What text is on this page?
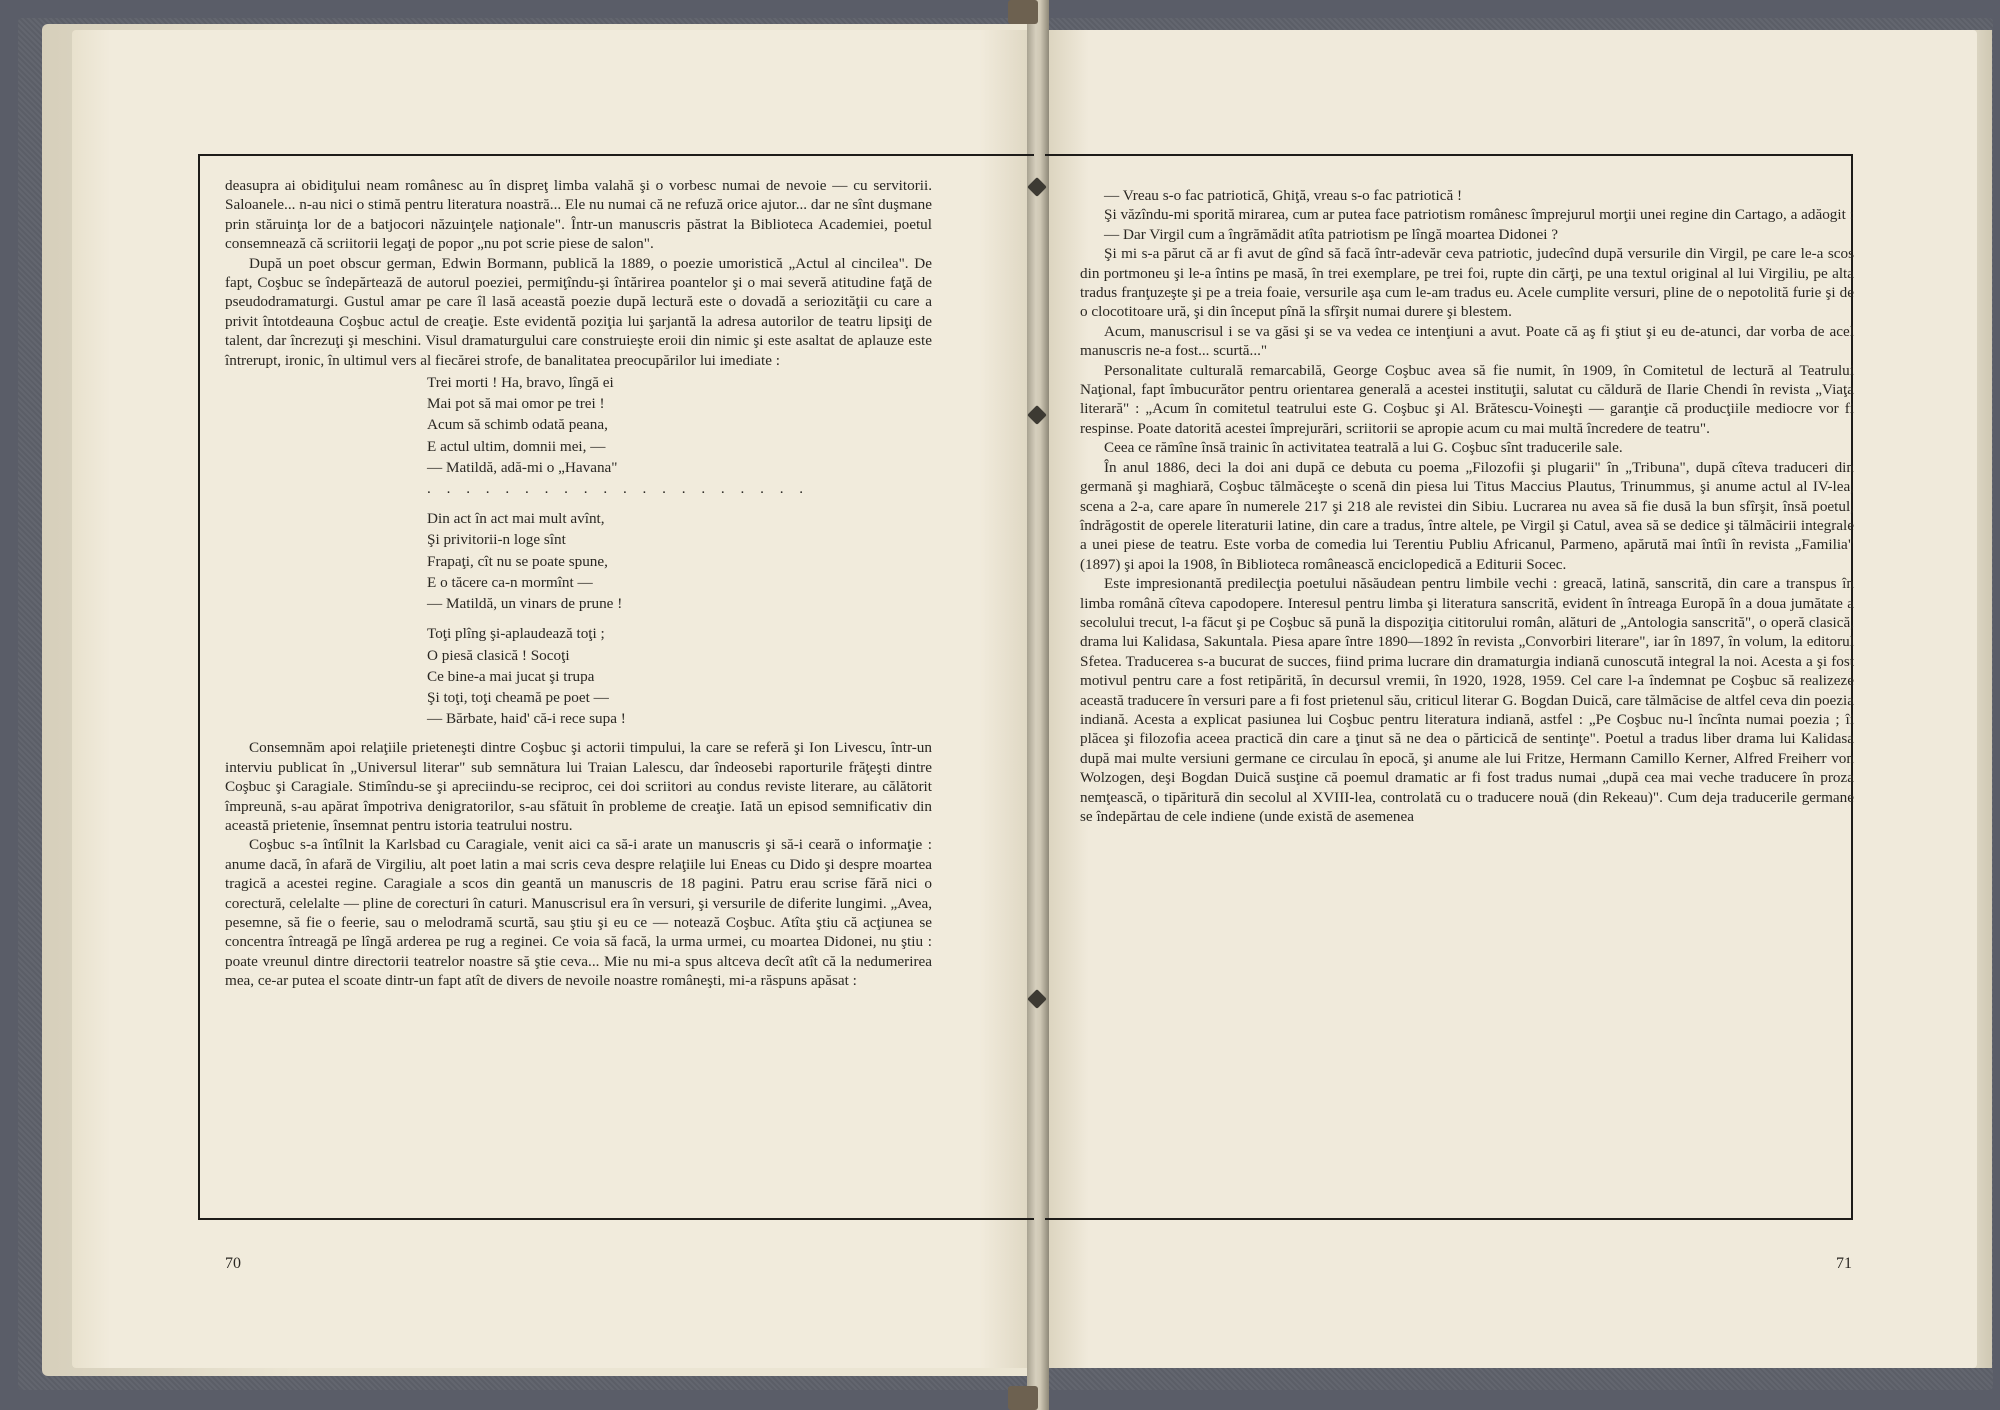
deasupra ai obidiţului neam românesc au în dispreţ limba valahă şi o vorbesc numai de nevoie — cu servitorii. Saloanele... n-au nici o stimă pentru literatura noastră... Ele nu numai că ne refuză orice ajutor... dar ne sînt duşmane prin stăruinţa lor de a batjocori năzuinţele naţionale". Într-un manuscris păstrat la Biblioteca Academiei, poetul consemnează că scriitorii legaţi de popor „nu pot scrie piese de salon".

După un poet obscur german, Edwin Bormann, publică la 1889, o poezie umoristică „Actul al cincilea". De fapt, Coşbuc se îndepărtează de autorul poeziei, permiţîndu-şi întărirea poantelor şi o mai severă atitudine faţă de pseudodramaturgi. Gustul amar pe care îl lasă această poezie după lectură este o dovadă a seriozităţii cu care a privit întotdeauna Coşbuc actul de creaţie. Este evidentă poziţia lui şarjantă la adresa autorilor de teatru lipsiţi de talent, dar încrezuţi şi meschini. Visul dramaturgului care construieşte eroii din nimic şi este asaltat de aplauze este întrerupt, ironic, în ultimul vers al fiecărei strofe, de banalitatea preocupărilor lui imediate :

Trei morti ! Ha, bravo, lîngă ei
Mai pot să mai omor pe trei !
Acum să schimb odată peana,
E actul ultim, domnii mei, —
— Matildă, adă-mi o „Havana"
. . . . . . . . . . . . . . . . . . . .
Din act în act mai mult avînt,
Şi privitorii-n loge sînt
Frapaţi, cît nu se poate spune,
E o tăcere ca-n mormînt —
— Matildă, un vinars de prune !
Toţi plîng şi-aplaudează toţi ;
O piesă clasică ! Socoţi
Ce bine-a mai jucat şi trupa
Şi toţi, toţi cheamă pe poet —
— Bărbate, haid' că-i rece supa !

Consemnăm apoi relaţiile prieteneşti dintre Coşbuc şi actorii timpului, la care se referă şi Ion Livescu, într-un interviu publicat în „Universul literar" sub semnătura lui Traian Lalescu, dar îndeosebi raporturile frăţeşti dintre Coşbuc şi Caragiale. Stimîndu-se şi apreciindu-se reciproc, cei doi scriitori au condus reviste literare, au călătorit împreună, s-au apărat împotriva denigratorilor, s-au sfătuit în probleme de creaţie. Iată un episod semnificativ din această prietenie, însemnat pentru istoria teatrului nostru.

Coşbuc s-a întîlnit la Karlsbad cu Caragiale, venit aici ca să-i arate un manuscris şi să-i ceară o informaţie : anume dacă, în afară de Virgiliu, alt poet latin a mai scris ceva despre relaţiile lui Eneas cu Dido şi despre moartea tragică a acestei regine. Caragiale a scos din geantă un manuscris de 18 pagini. Patru erau scrise fără nici o corectură, celelalte — pline de corecturi în caturi. Manuscrisul era în versuri, şi versurile de diferite lungimi. „Avea, pesemne, să fie o feerie, sau o melodramă scurtă, sau ştiu şi eu ce — notează Coşbuc. Atîta ştiu că acţiunea se concentra întreagă pe lîngă arderea pe rug a reginei. Ce voia să facă, la urma urmei, cu moartea Didonei, nu ştiu : poate vreunul dintre directorii teatrelor noastre să ştie ceva... Mie nu mi-a spus altceva decît atît că la nedumerirea mea, ce-ar putea el scoate dintr-un fapt atît de divers de nevoile noastre româneşti, mi-a răspuns apăsat :

— Vreau s-o fac patriotică, Ghiţă, vreau s-o fac patriotică !

Şi văzîndu-mi sporită mirarea, cum ar putea face patriotism românesc împrejurul morţii unei regine din Cartago, a adăogit :

— Dar Virgil cum a îngrămădit atîta patriotism pe lîngă moartea Didonei ?

Şi mi s-a părut că ar fi avut de gînd să facă într-adevăr ceva patriotic, judecînd după versurile din Virgil, pe care le-a scos din portmoneu şi le-a întins pe masă, în trei exemplare, pe trei foi, rupte din cărţi, pe una textul original al lui Virgiliu, pe alta tradus franţuzeşte şi pe a treia foaie, versurile aşa cum le-am tradus eu. Acele cumplite versuri, pline de o nepotolită furie şi de o clocotitoare ură, şi din început pînă la sfîrşit numai durere şi blestem.

Acum, manuscrisul i se va găsi şi se va vedea ce intenţiuni a avut. Poate că aş fi ştiut şi eu de-atunci, dar vorba de acel manuscris ne-a fost... scurtă..."

Personalitate culturală remarcabilă, George Coşbuc avea să fie numit, în 1909, în Comitetul de lectură al Teatrului Naţional, fapt îmbucurător pentru orientarea generală a acestei instituţii, salutat cu căldură de Ilarie Chendi în revista „Viaţa literară" : „Acum în comitetul teatrului este G. Coşbuc şi Al. Brătescu-Voineşti — garanţie că producţiile mediocre vor fi respinse. Poate datorită acestei împrejurări, scriitorii se apropie acum cu mai multă încredere de teatru".

Ceea ce rămîne însă trainic în activitatea teatrală a lui G. Coşbuc sînt traducerile sale.

În anul 1886, deci la doi ani după ce debuta cu poema „Filozofii şi plugarii" în „Tribuna", după cîteva traduceri din germană şi maghiară, Coşbuc tălmăceşte o scenă din piesa lui Titus Maccius Plautus, Trinummus, şi anume actul al IV-lea, scena a 2-a, care apare în numerele 217 şi 218 ale revistei din Sibiu. Lucrarea nu avea să fie dusă la bun sfîrşit, însă poetul, îndrăgostit de operele literaturii latine, din care a tradus, între altele, pe Virgil şi Catul, avea să se dedice şi tălmăcirii integrale a unei piese de teatru. Este vorba de comedia lui Terentiu Publiu Africanul, Parmeno, apărută mai întîi în revista „Familia" (1897) şi apoi la 1908, în Biblioteca românească enciclopedică a Editurii Socec.

Este impresionantă predilecţia poetului năsăudean pentru limbile vechi : greacă, latină, sanscrită, din care a transpus în limba română cîteva capodopere. Interesul pentru limba şi literatura sanscrită, evident în întreaga Europă în a doua jumătate a secolului trecut, l-a făcut şi pe Coşbuc să pună la dispoziţia cititorului român, alături de „Antologia sanscrită", o operă clasică, drama lui Kalidasa, Sakuntala. Piesa apare între 1890—1892 în revista „Convorbiri literare", iar în 1897, în volum, la editorul Sfetea. Traducerea s-a bucurat de succes, fiind prima lucrare din dramaturgia indiană cunoscută integral la noi. Acesta a şi fost motivul pentru care a fost retipărită, în decursul vremii, în 1920, 1928, 1959. Cel care l-a îndemnat pe Coşbuc să realizeze această traducere în versuri pare a fi fost prietenul său, criticul literar G. Bogdan Duică, care tălmăcise de altfel ceva din poezia indiană. Acesta a explicat pasiunea lui Coşbuc pentru literatura indiană, astfel : „Pe Coşbuc nu-l încînta numai poezia ; îi plăcea şi filozofia aceea practică din care a ţinut să ne dea o părticică de sentinţe". Poetul a tradus liber drama lui Kalidasa după mai multe versiuni germane ce circulau în epocă, şi anume ale lui Fritze, Hermann Camillo Kerner, Alfred Freiherr von Wolzogen, deşi Bogdan Duică susţine că poemul dramatic ar fi fost tradus numai „după cea mai veche traducere în proza nemţească, o tipăritură din secolul al XVIII-lea, controlată cu o traducere nouă (din Rekeau)". Cum deja traducerile germane se îndepărtau de cele indiene (unde există de asemenea

70	71
